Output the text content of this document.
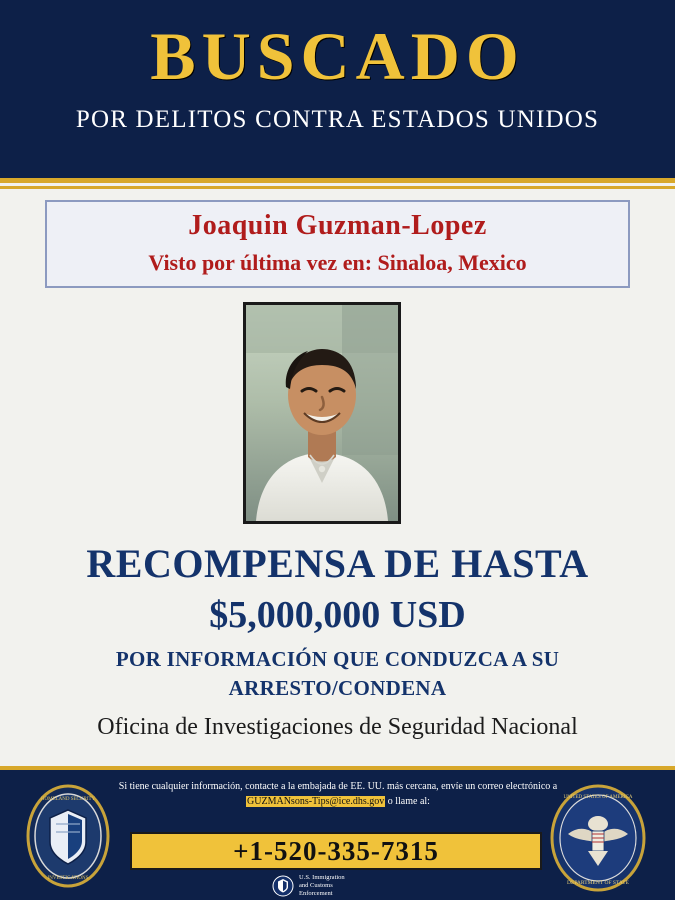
BUSCADO
POR DELITOS CONTRA ESTADOS UNIDOS
Joaquin Guzman-Lopez
Visto por última vez en: Sinaloa, Mexico
RECOMPENSA DE HASTA
$5,000,000 USD
POR INFORMACIÓN QUE CONDUZCA A SU
ARRESTO/CONDENA
Oficina de Investigaciones de Seguridad Nacional
HOMELAND SECURITY
INVESTIGATIONS
Si tiene cualquier información, contacte a la embajada de EE. UU. más cercana, envíe un correo electrónico a GUZMANsons-Tips@ice.dhs.gov o llame al:
+1-520-335-7315
U.S. Immigration
and Customs
Enforcement
UNITED STATES OF AMERICA
DEPARTMENT OF STATE
